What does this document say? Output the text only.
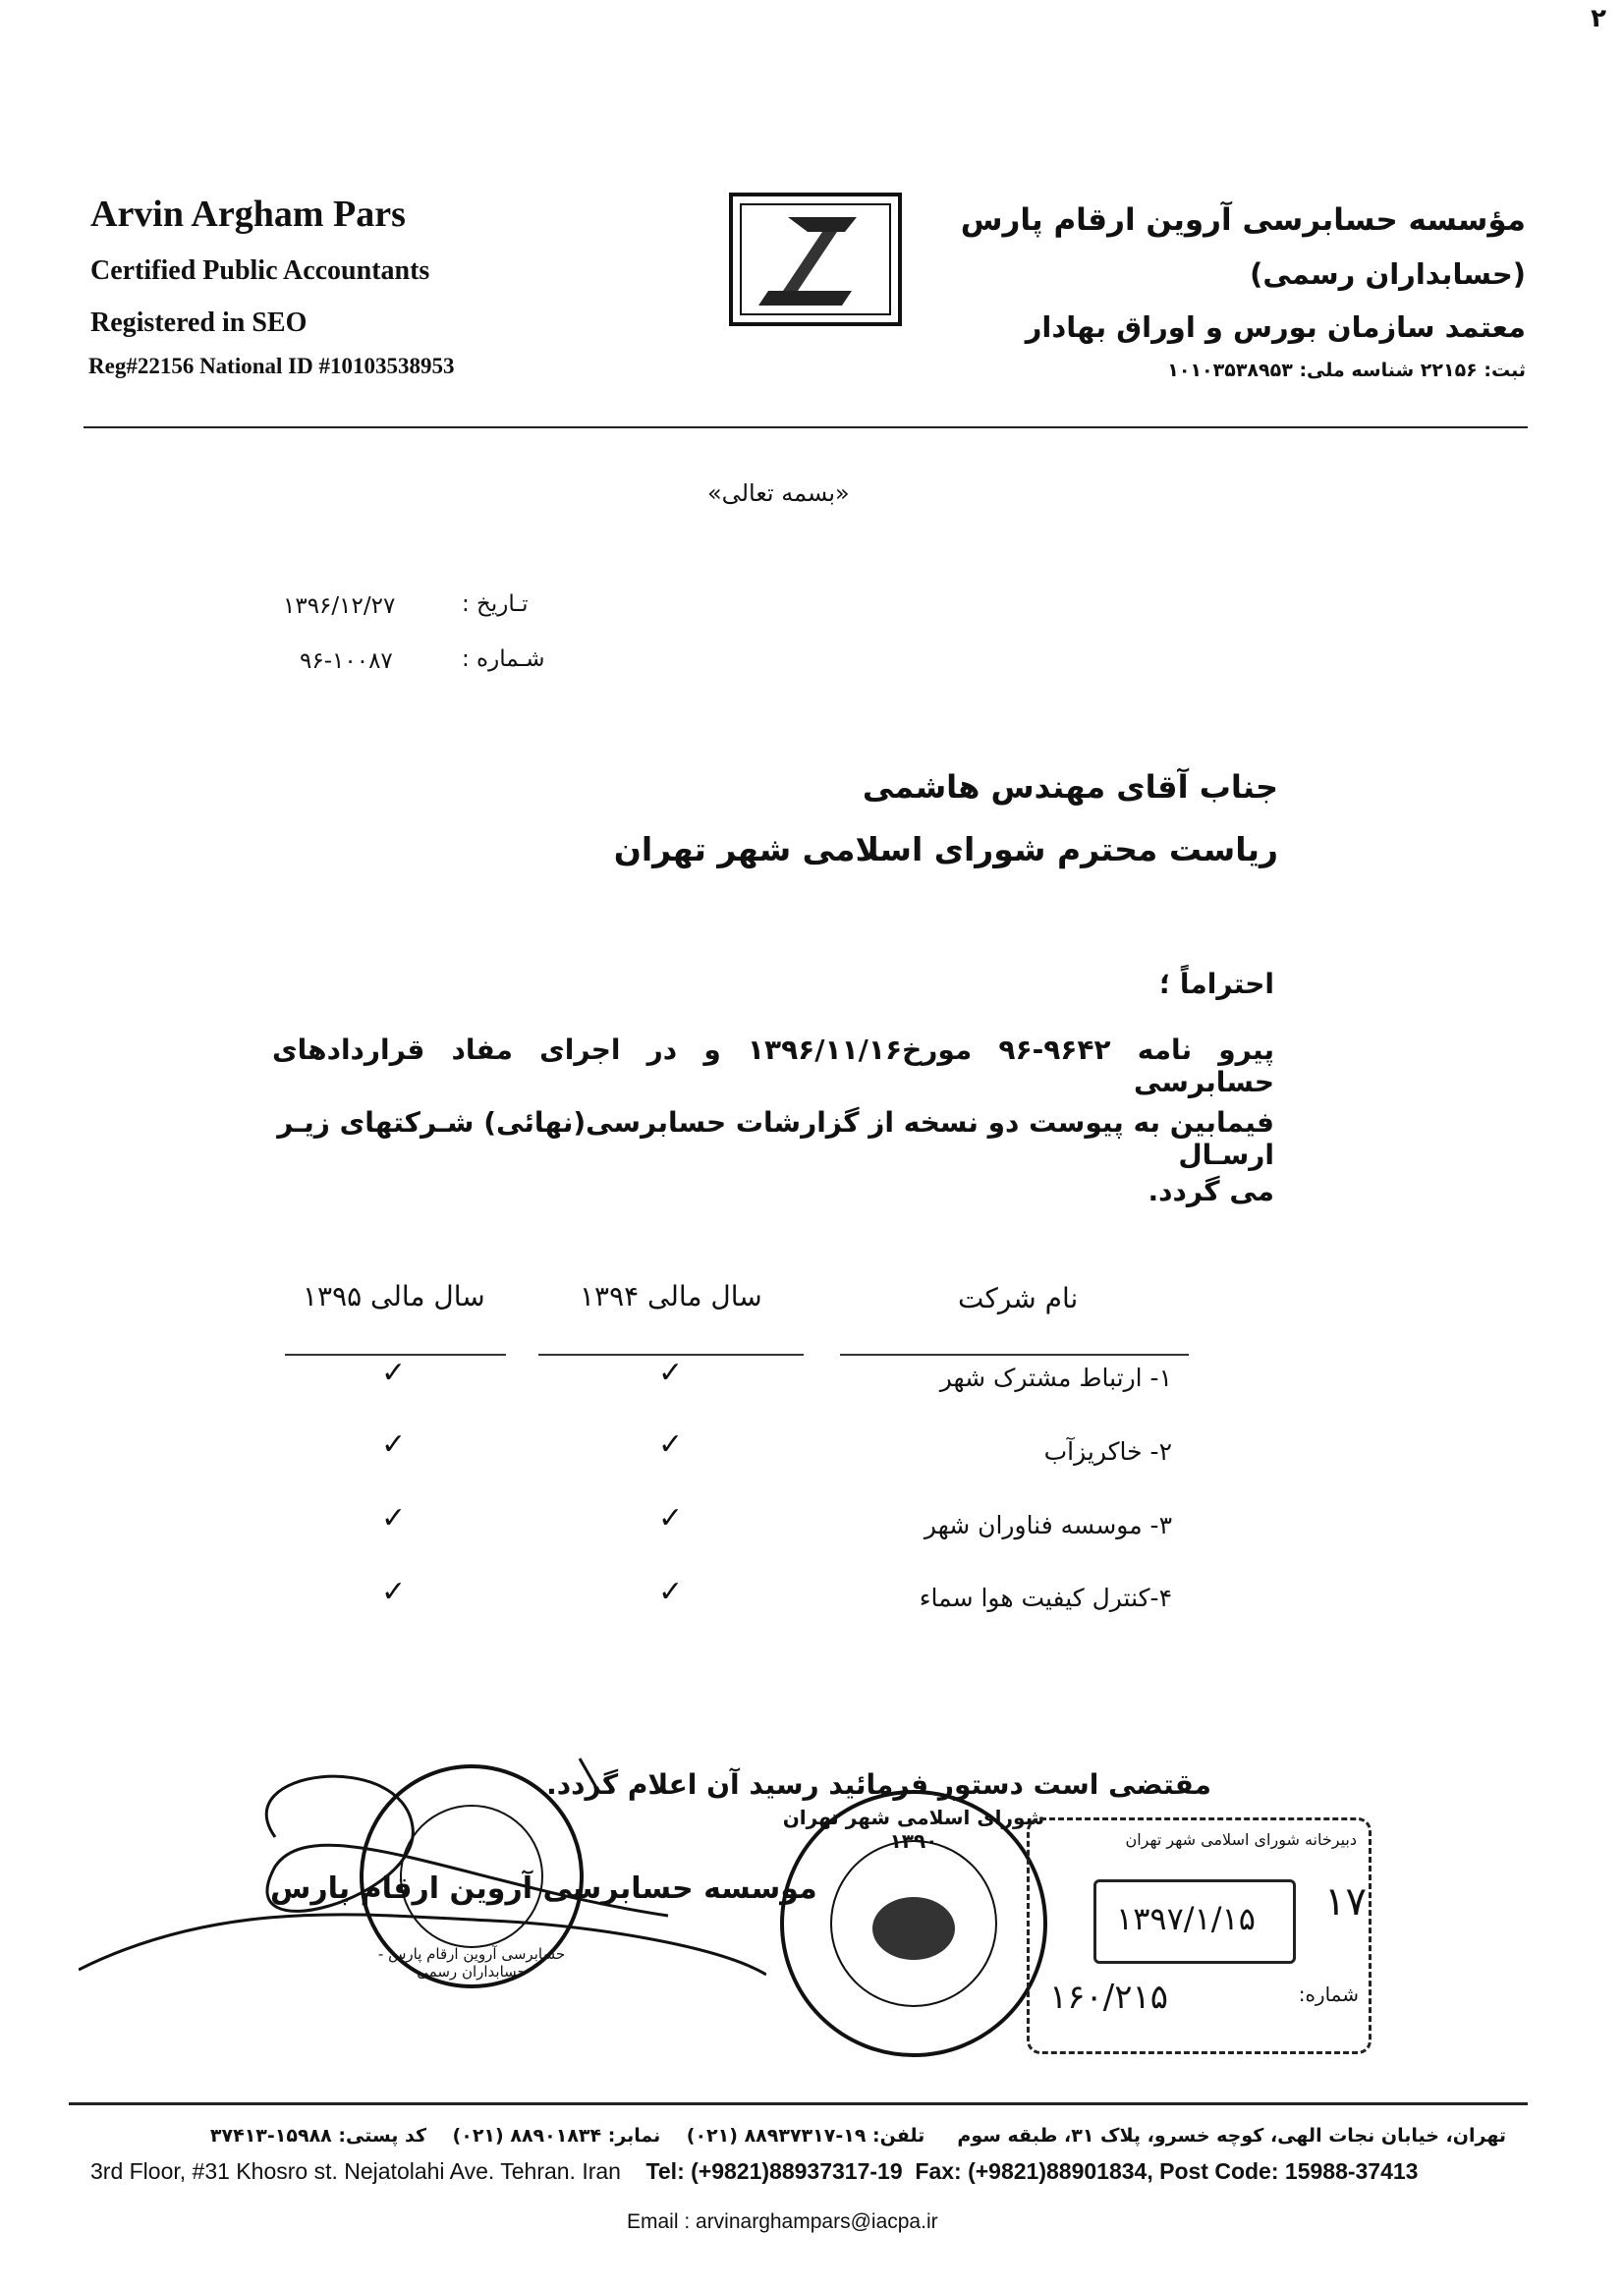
۲
Arvin Argham Pars
Certified Public Accountants
Registered in SEO
Reg#22156 National ID #10103538953
مؤسسه حسابرسی آروین ارقام پارس
(حسابداران رسمی)
معتمد سازمان بورس و اوراق بهادار
ثبت: ۲۲۱۵۶ شناسه ملی: ۱۰۱۰۳۵۳۸۹۵۳
«بسمه تعالی»
تـاریخ :
۱۳۹۶/۱۲/۲۷
شـماره :
۹۶-۱۰۰۸۷
جناب آقای مهندس هاشمی
ریاست محترم شورای اسلامی شهر تهران
احتراماً ؛
پیرو نامه ۹۶۴۲-۹۶ مورخ۱۳۹۶/۱۱/۱۶ و در اجرای مفاد قراردادهای حسابرسی
فیمابین به پیوست دو نسخه از گزارشات حسابرسی(نهائی) شـرکتهای زیـر ارسـال
می گردد.
نام شرکت
سال مالی ۱۳۹۴
سال مالی ۱۳۹۵
۱- ارتباط مشترک شهر
✓
✓
۲- خاکریزآب
✓
✓
۳- موسسه فناوران شهر
✓
✓
۴-کنترل کیفیت هوا سماء
✓
✓
مقتضی است دستور فرمائید رسید آن اعلام گردد.
حسابرسی آروین ارقام پارس - حسابداران رسمی
موسسه حسابرسی آروین ارقام پارس
شورای اسلامی شهر تهران ۱۳۹۰	دبیرخانه شورای اسلامی شهر تهران
۱۳۹۷/۱/۱۵ ۱۷
شماره:
۱۶۰/۲۱۵
تهران، خیابان نجات الهی، کوچه خسرو، پلاک ۳۱، طبقه سوم     تلفن: ۱۹-۸۸۹۳۷۳۱۷ (۰۲۱)    نمابر: ۸۸۹۰۱۸۳۴ (۰۲۱)    کد پستی: ۱۵۹۸۸-۳۷۴۱۳
3rd Floor, #31 Khosro st. Nejatolahi Ave. Tehran. Iran Tel: (+9821)88937317-19 Fax: (+9821)88901834, Post Code: 15988-37413
Email : arvinarghampars@iacpa.ir
